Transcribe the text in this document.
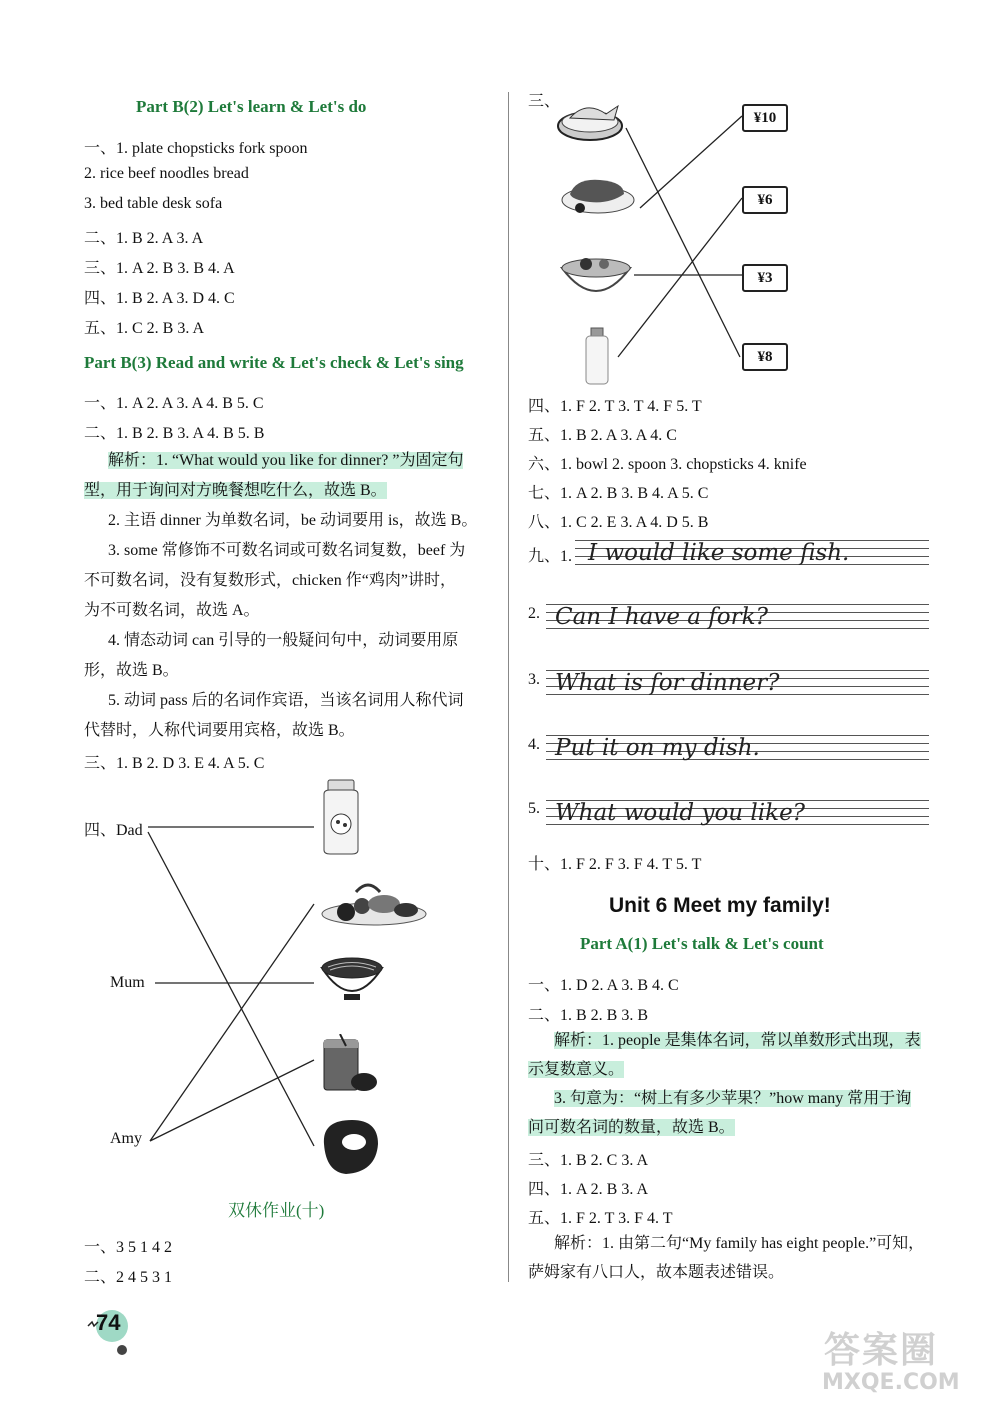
Part B(2) Let's learn & Let's do
一、1. plate chopsticks fork spoon
2. rice beef noodles bread
3. bed table desk sofa
二、1. B 2. A 3. A
三、1. A 2. B 3. B 4. A
四、1. B 2. A 3. D 4. C
五、1. C 2. B 3. A
Part B(3) Read and write & Let's check & Let's sing
一、1. A 2. A 3. A 4. B 5. C
二、1. B 2. B 3. A 4. B 5. B
解析：1. “What would you like for dinner? ”为固定句
型，用于询问对方晚餐想吃什么，故选 B。
2. 主语 dinner 为单数名词，be 动词要用 is，故选 B。
3. some 常修饰不可数名词或可数名词复数，beef 为
不可数名词，没有复数形式，chicken 作“鸡肉”讲时，
为不可数名词，故选 A。
4. 情态动词 can 引导的一般疑问句中，动词要用原
形，故选 B。
5. 动词 pass 后的名词作宾语，当该名词用人称代词
代替时，人称代词要用宾格，故选 B。
三、1. B 2. D 3. E 4. A 5. C
四、Dad
Mum
Amy
双休作业(十)
一、3 5 1 4 2
二、2 4 5 3 1
74
三、
¥10
¥6
¥3
¥8
四、1. F 2. T 3. T 4. F 5. T
五、1. B 2. A 3. A 4. C
六、1. bowl 2. spoon 3. chopsticks 4. knife
七、1. A 2. B 3. B 4. A 5. C
八、1. C 2. E 3. A 4. D 5. B
九、1. I would like some fish.
2. Can I have a fork?
3. What is for dinner?
4. Put it on my dish.
5. What would you like?
十、1. F 2. F 3. F 4. T 5. T
Unit 6 Meet my family!
Part A(1) Let's talk & Let's count
一、1. D 2. A 3. B 4. C
二、1. B 2. B 3. B
解析：1. people 是集体名词，常以单数形式出现，表
示复数意义。
3. 句意为：“树上有多少苹果？”how many 常用于询
问可数名词的数量，故选 B。
三、1. B 2. C 3. A
四、1. A 2. B 3. A
五、1. F 2. T 3. F 4. T
解析：1. 由第二句“My family has eight people.”可知，
萨姆家有八口人，故本题表述错误。
答案圈
MXQE.COM
